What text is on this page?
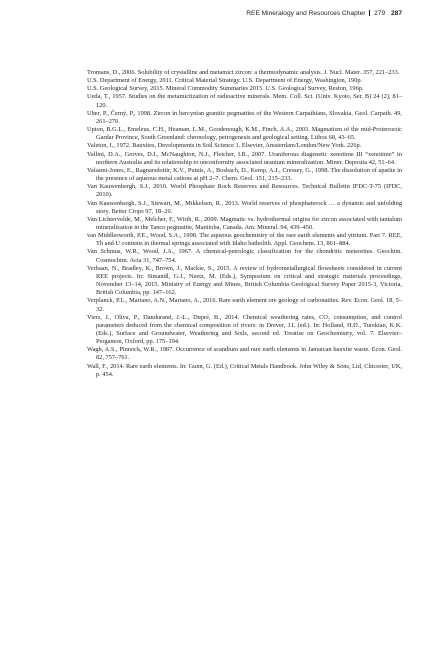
REE Mineralogy and Resources Chapter 279 287

Tromans, D., 2006. Solubility of crystalline and metamict zircon: a thermodynamic analysis. J. Nucl. Mater. 357, 221–233.

U.S. Department of Energy, 2011. Critical Material Strategy. U.S. Department of Energy, Washington, 190p.

U.S. Geological Survey, 2015. Mineral Commodity Summaries 2015. U.S. Geological Survey, Reston, 196p.

Ueda, T., 1957. Studies on the metamictization of radioactive minerals. Mem. Coll. Sci. (Univ. Kyoto, Ser. B) 24 (2), 81–120.

Uher, P., Černý, P., 1998. Zircon in hercynian granitic pegmatites of the Western Carpathians, Slovakia. Geol. Carpath. 49, 261–270.

Upton, B.G.L., Emeleus, C.H., Heaman, L.M., Goodenough, K.M., Finch, A.A., 2003. Magmatism of the mid-Proterozoic Gardar Province, South Greenland: chronology, petrogenesis and geological setting. Lithos 68, 43–65.

Valeton, I., 1972. Bauxites, Developments in Soil Science 1. Elsevier, Amsterdam/London/New York. 226p.

Vallini, D.A., Groves, D.I., McNaughton, N.J., Fletcher, I.R., 2007. Uraniferous diagenetic xenotime III “xenotime” in northern Australia and its relationship to unconformity associated uranium mineralization. Miner. Deposita 42, 51–64.

Valsami-Jones, E., Ragnarsdottir, K.V., Putnis, A., Bosbach, D., Kemp, A.J., Cressey, G., 1998. The dissolution of apatite in the presence of aqueous metal cations at pH 2–7. Chem. Geol. 151, 215–233.

Van Kauwenbergh, S.J., 2010. World Phosphate Rock Reserves and Resources. Technical Bulletin IFDC-T-75 (IFDC, 2010).

Van Kauwenbergh, S.J., Stewart, M., Mikkelsen, R., 2013. World reserves of phosphaterock … a dynamic and unfolding story. Better Crops 97, 18–20.

Van Lichtervelde, M., Melcher, F., Wirth, R., 2009. Magmatic vs. hydrothermal origins for zircon associated with tantalum mineralization in the Tanco pegmatite, Manitoba, Canada. Am. Mineral. 94, 439–450.

van Middlesworth, P.E., Wood, S.A., 1998. The aqueous geochemistry of the rare earth elements and yttrium. Part 7. REE, Th and U contents in thermal springs associated with Idaho batholith. Appl. Geochem. 13, 861–884.

Van Schmus, W.R., Wood, J.A., 1967. A chemical-petrologic classification for the chondritic meteorites. Geochim. Cosmochim. Acta 31, 747–754.

Verbaan, N., Bradley, K., Brown, J., Mackie, S., 2015. A review of hydrometallurgical flowsheets considered in current REE projects. In: Simandl, G.J., Neetz, M. (Eds.), Symposium on critical and strategic materials proceedings, November 13–14, 2015. Ministry of Energy and Mines, British Columbia Geological Survey Paper 2015-3, Victoria, British Columbia, pp. 147–162.

Verplanck, P.L., Mariano, A.N., Mariano, A., 2016. Rare earth element ore geology of carbonatites. Rev. Econ. Geol. 18, 5–32.

Viers, J., Oliva, P., Dandurand, J.-L., Dupré, B., 2014. Chemical weathering rates, CO₂ consumption, and control parameters deduced from the chemical composition of rivers: in Drever, J.I. (ed.). In: Holland, H.D., Turekian, K.K. (Eds.), Surface and Groundwater, Weathering and Soils, second ed. Treatise on Geochemistry, vol. 7. Elsevier–Pergamon, Oxford, pp. 175–194.

Wagh, A.S., Pinnock, W.R., 1987. Occurrence of scandium and rare earth elements in Jamaican bauxite waste. Econ. Geol. 82, 757–761.

Wall, F., 2014. Rare earth elements. In: Gunn, G. (Ed.), Critical Metals Handbook. John Wiley & Sons, Ltd, Chicester, UK, p. 454.
